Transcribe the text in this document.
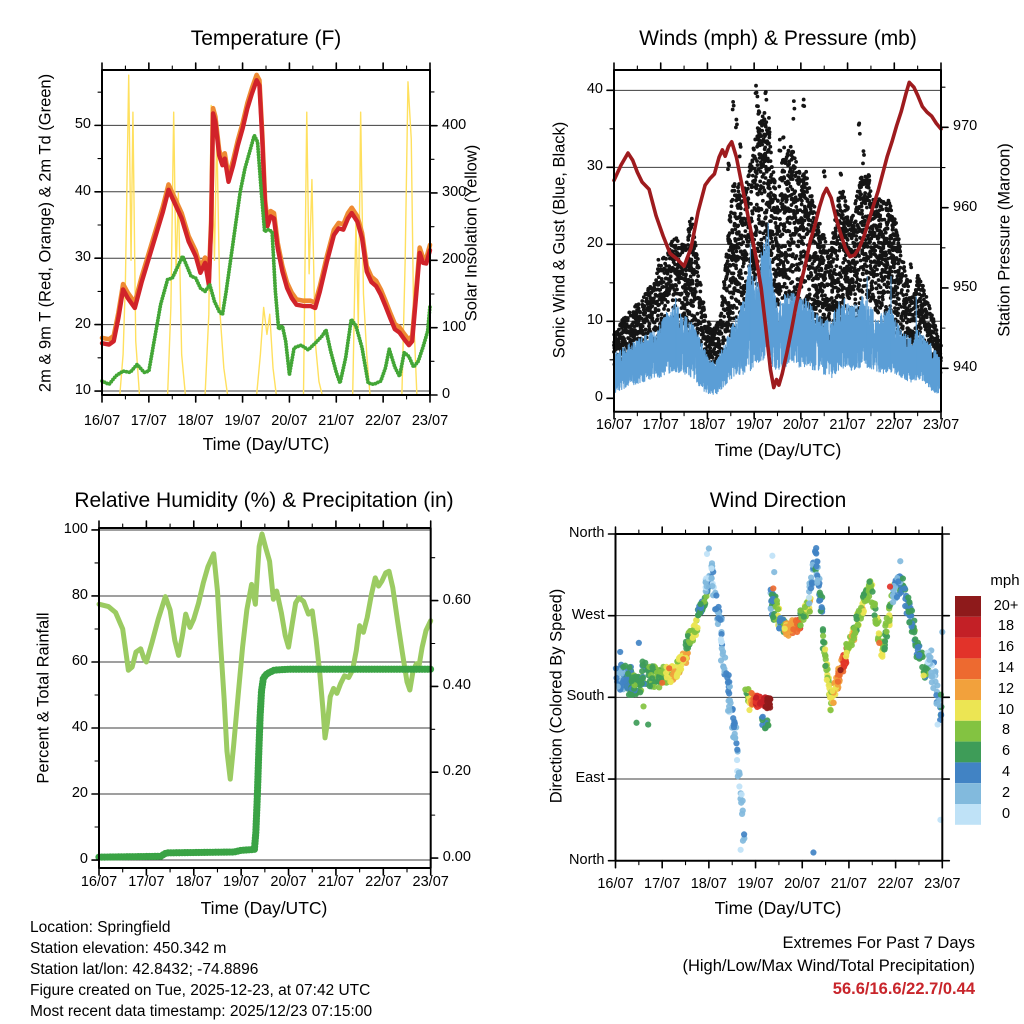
Temperature (F)	Winds (mph) & Pressure (mb)
Relative Humidity (%) & Precipitation (in)	Wind Direction
Time (Day/UTC)	Time (Day/UTC)
Time (Day/UTC)	Time (Day/UTC)
2m & 9m T (Red, Orange) & 2m Td (Green)	Solar Insolation (Yellow)	Sonic Wind & Gust (Blue, Black)	Station Pressure (Maroon)
Percent & Total Rainfall	Direction (Colored By Speed)
mph
16/07 17/07 18/07 19/07 20/07 21/07 22/07 23/07
10
20
30
40
50
0
100
200
300
400
16/07 17/07 18/07 19/07 20/07 21/07 22/07 23/07
0
10
20
30
40
940
950
960
970
16/07 17/07 18/07 19/07 20/07 21/07 22/07 23/07
0
20
40
60
80
100
0.00
0.20
0.40
0.60
16/07 17/07 18/07 19/07 20/07 21/07 22/07 23/07
North
West
South
East
North
20+
18
16
14
12
10
8
6
4
2
0
Location: Springfield
Station elevation: 450.342 m
Station lat/lon: 42.8432; -74.8896
Figure created on Tue, 2025-12-23, at 07:42 UTC
Most recent data timestamp: 2025/12/23 07:15:00
Extremes For Past 7 Days
(High/Low/Max Wind/Total Precipitation)
56.6/16.6/22.7/0.44
